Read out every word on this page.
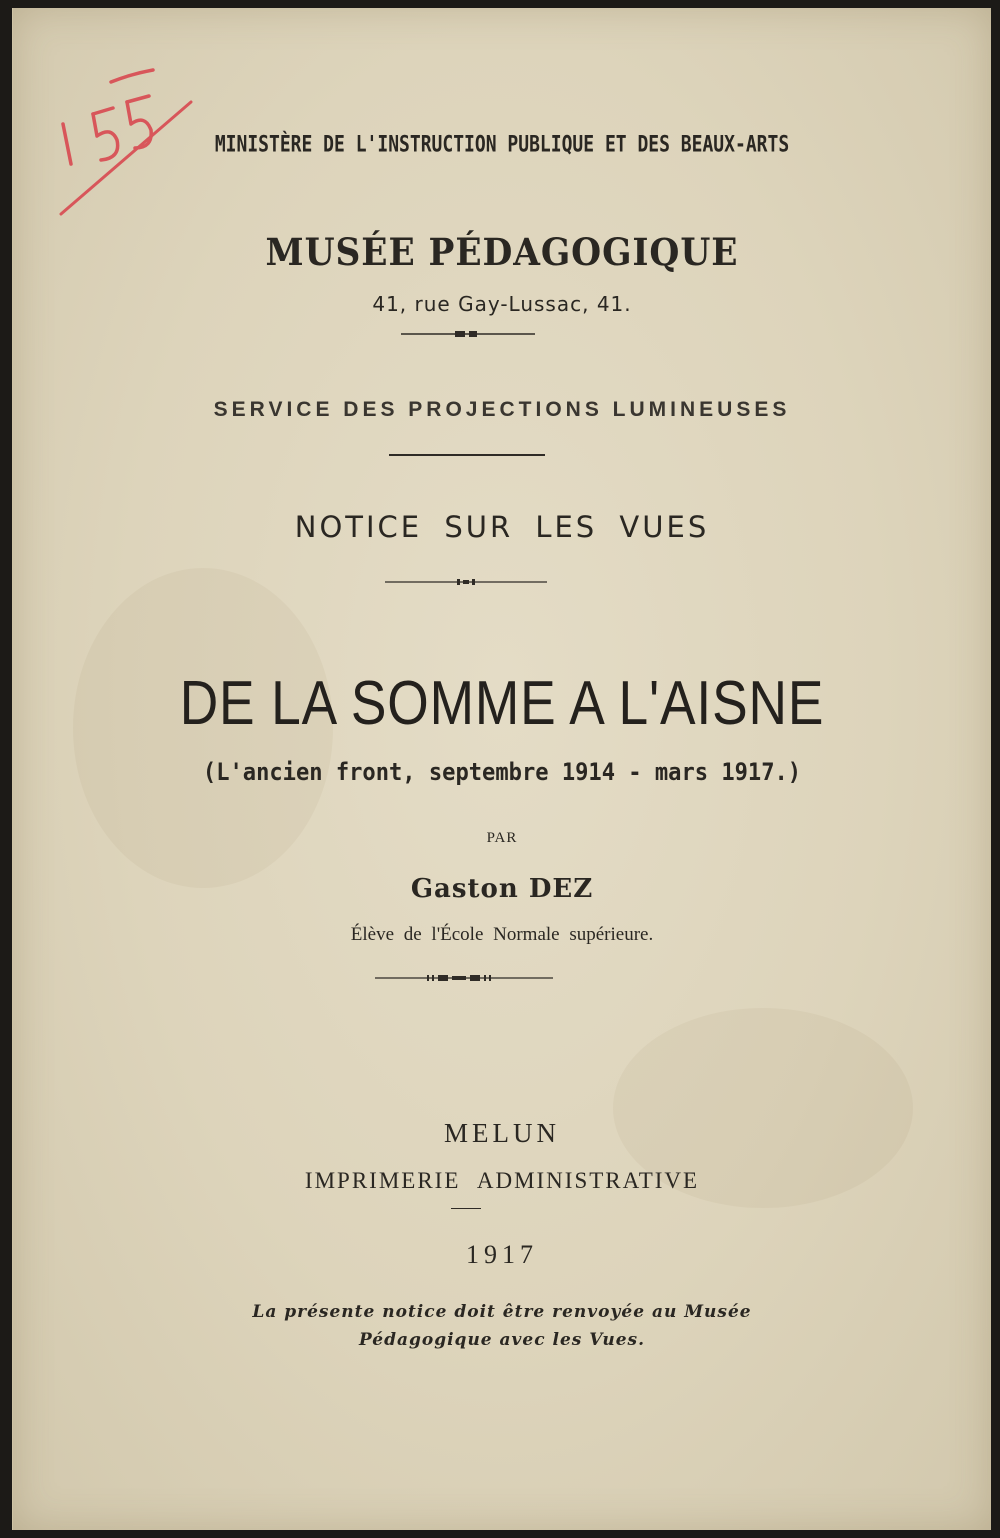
MINISTÈRE DE L'INSTRUCTION PUBLIQUE ET DES BEAUX-ARTS
MUSÉE PÉDAGOGIQUE
41, rue Gay-Lussac, 41.
SERVICE DES PROJECTIONS LUMINEUSES
NOTICE SUR LES VUES
DE LA SOMME A L'AISNE
(L'ancien front, septembre 1914 - mars 1917.)
PAR
Gaston DEZ
Élève de l'École Normale supérieure.
MELUN
IMPRIMERIE ADMINISTRATIVE
1917
La présente notice doit être renvoyée au Musée
Pédagogique avec les Vues.
